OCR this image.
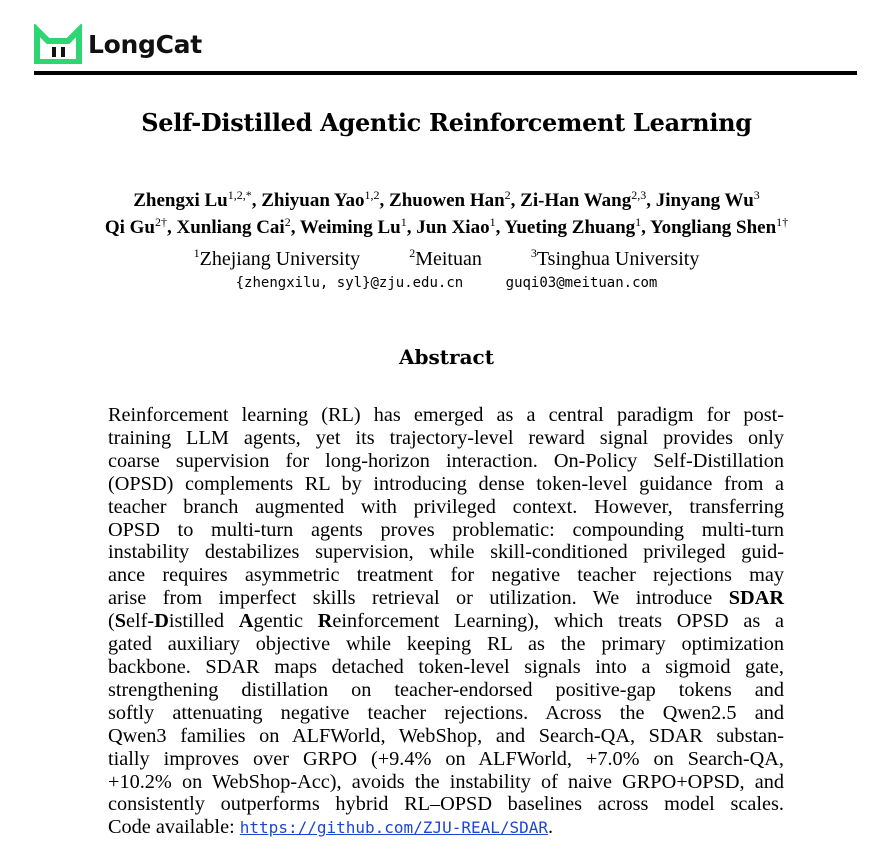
LongCat
Self-Distilled Agentic Reinforcement Learning
Zhengxi $Lu^{1,2,*}$, Zhiyuan Yao$^{1,2}$, Zhuowen Han$^2$, Zi-Han Wang$^{2,3}$, Jinyang Wu$^3$
Qi $Gu^{2\dagger}$, Xunliang Cai$^2$, Weiming Lu$^1$, Jun Xiao$^1$, Yueting Zhuang$^1$, Yongliang Shen$^{1\dagger}$
$^1$Zhejiang University	$^2$Meituan	$^3$Tsinghua University
{zhengxilu, syl}@zju.edu.cn	guqi03@meituan.com
Abstract
Reinforcement learning (RL) has emerged as a central paradigm for post-
training LLM agents, yet its trajectory-level reward signal provides only
coarse supervision for long-horizon interaction. On-Policy Self-Distillation
(OPSD) complements RL by introducing dense token-level guidance from a
teacher branch augmented with privileged context. However, transferring
OPSD to multi-turn agents proves problematic: compounding multi-turn
instability destabilizes supervision, while skill-conditioned privileged guid-
ance requires asymmetric treatment for negative teacher rejections may
arise from imperfect skills retrieval or utilization. We introduce SDAR
(Self-Distilled Agentic Reinforcement Learning), which treats OPSD as a
gated auxiliary objective while keeping RL as the primary optimization
backbone. SDAR maps detached token-level signals into a sigmoid gate,
strengthening distillation on teacher-endorsed positive-gap tokens and
softly attenuating negative teacher rejections. Across the Qwen2.5 and
Qwen3 families on ALFWorld, WebShop, and Search-QA, SDAR substan-
tially improves over GRPO (+9.4% on ALFWorld, +7.0% on Search-QA,
+10.2% on WebShop-Acc), avoids the instability of naive GRPO+OPSD, and
consistently outperforms hybrid RL–OPSD baselines across model scales.
Code available: https://github.com/ZJU-REAL/SDAR.
